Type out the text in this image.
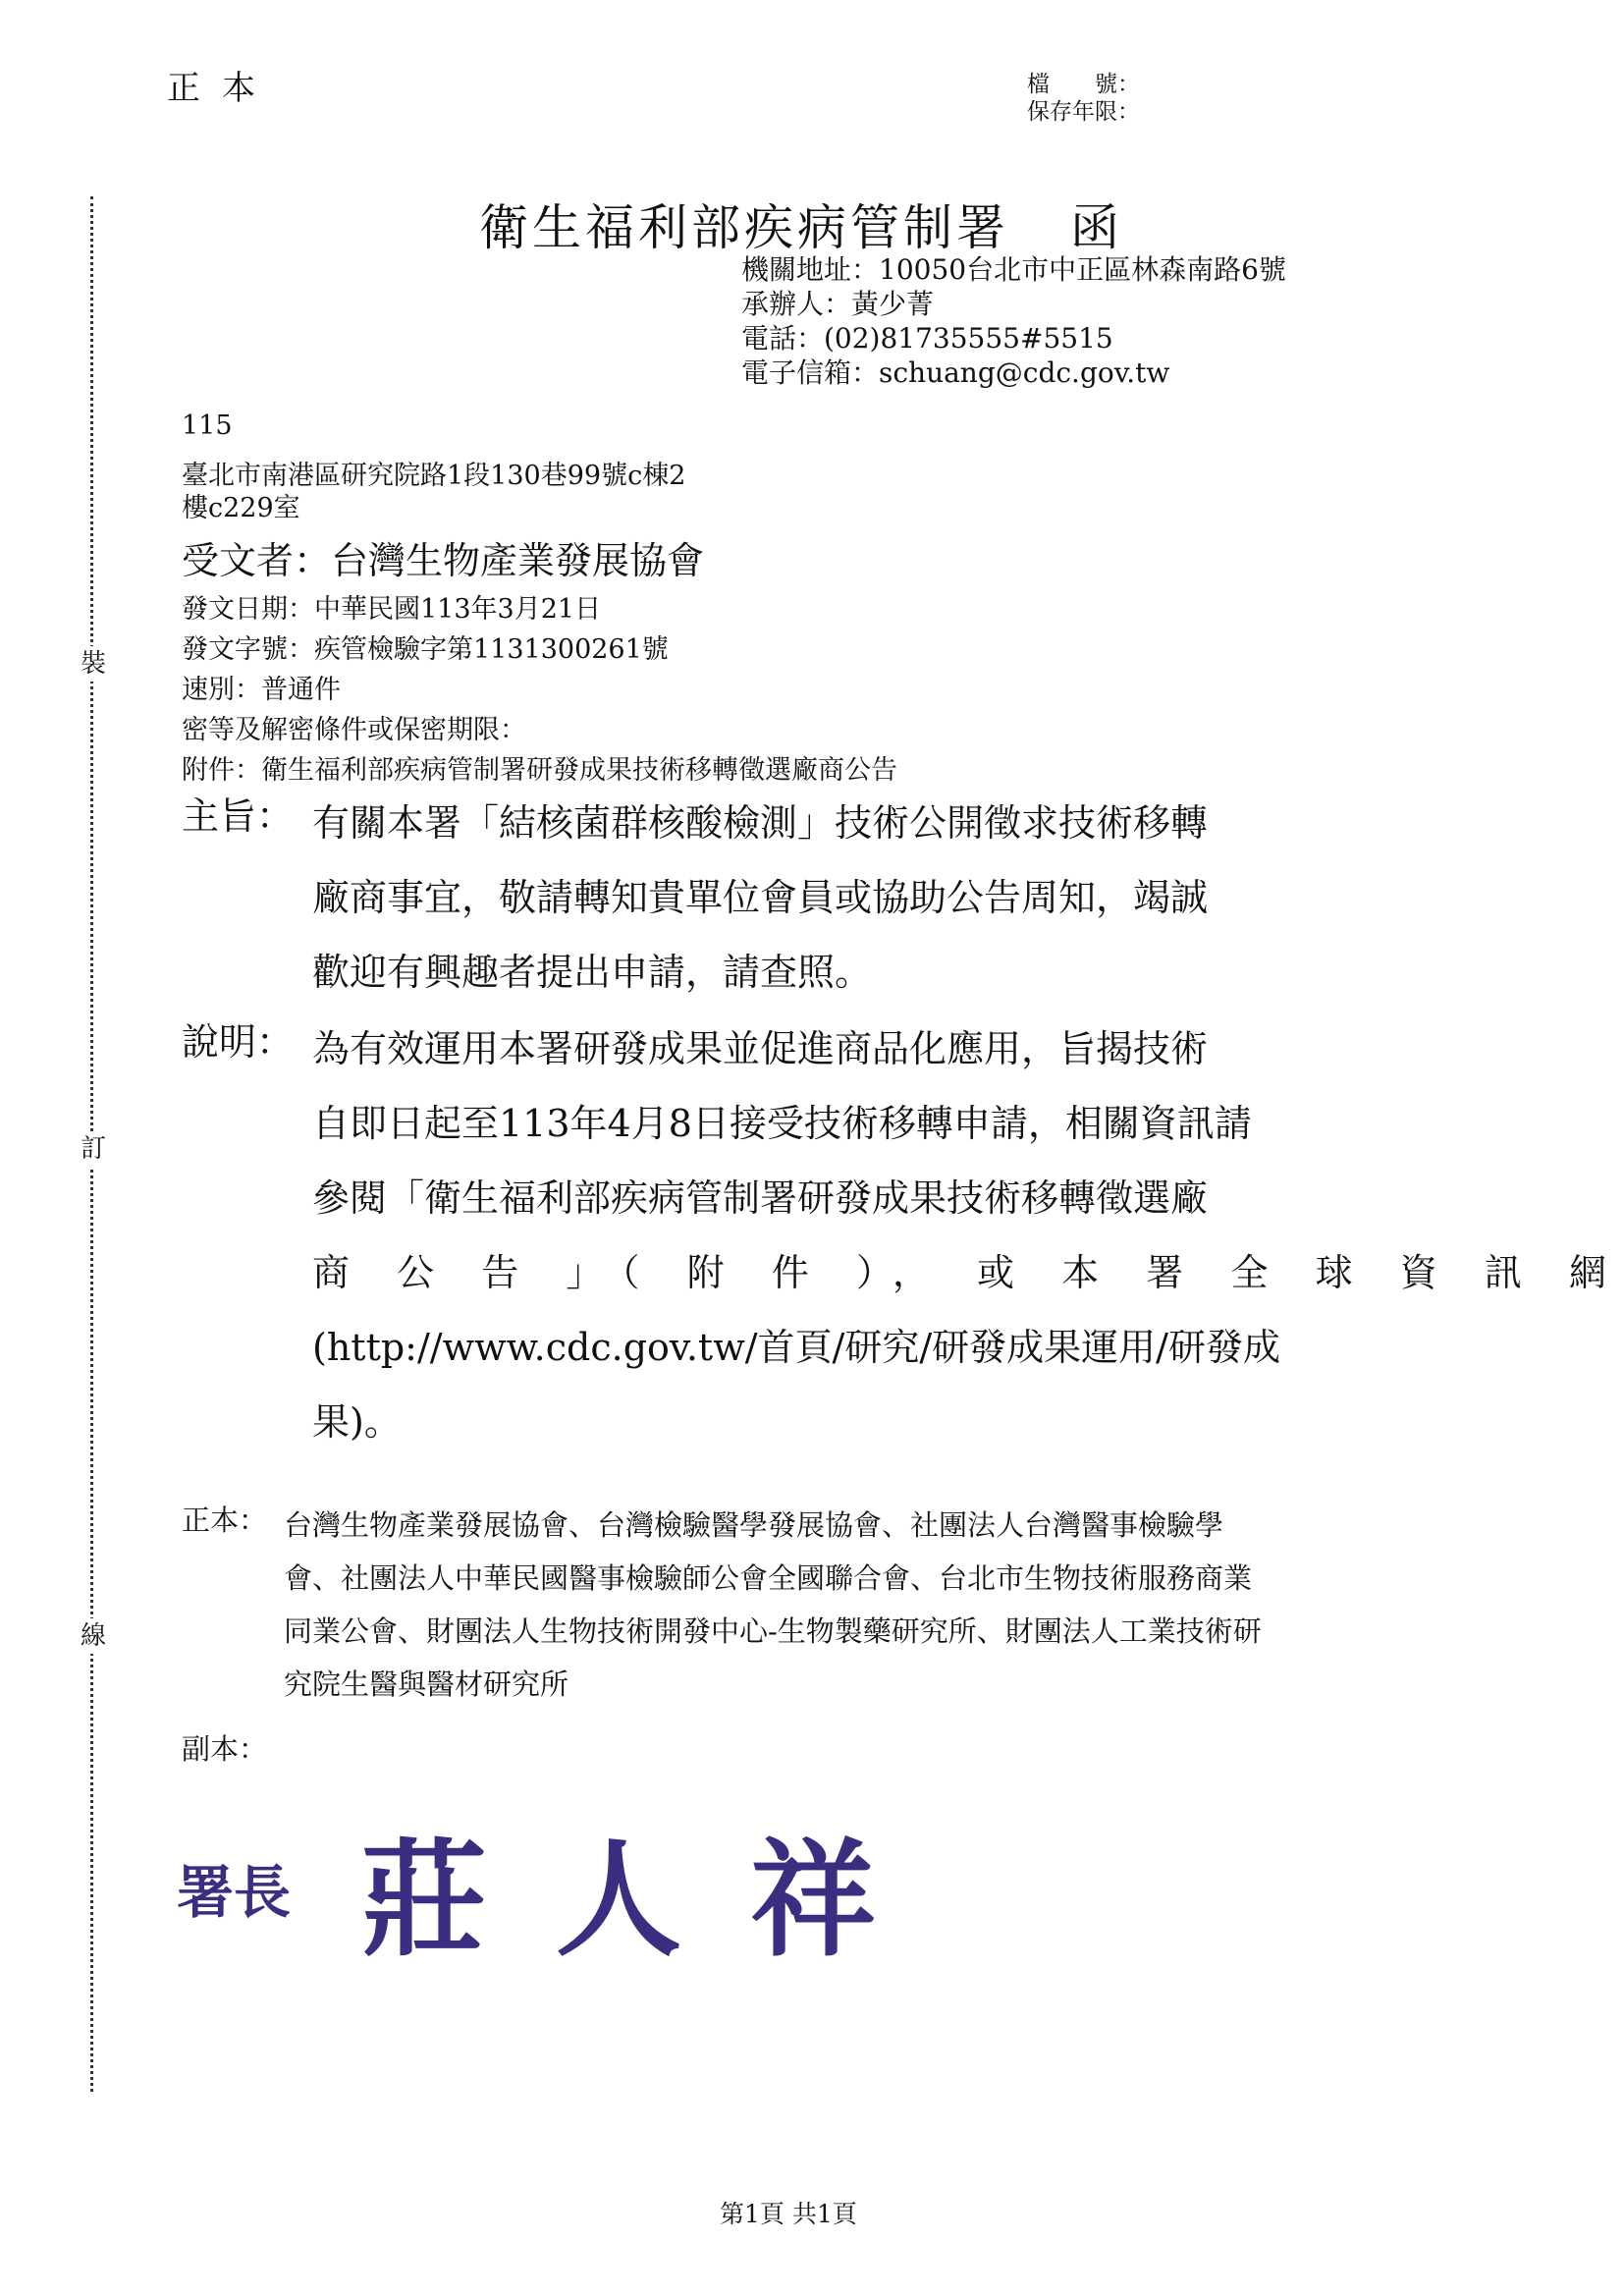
裝
訂
線
正本	檔　　號：
保存年限：
衛生福利部疾病管制署 函
機關地址：10050台北市中正區林森南路6號
承辦人：黃少菁
電話：(02)81735555#5515
電子信箱：schuang@cdc.gov.tw
115
臺北市南港區研究院路1段130巷99號c棟2
樓c229室
受文者：台灣生物產業發展協會
發文日期：中華民國113年3月21日
發文字號：疾管檢驗字第1131300261號
速別：普通件
密等及解密條件或保密期限：
附件：衛生福利部疾病管制署研發成果技術移轉徵選廠商公告
主旨： 有關本署「結核菌群核酸檢測」技術公開徵求技術移轉
廠商事宜，敬請轉知貴單位會員或協助公告周知，竭誠
歡迎有興趣者提出申請，請查照。
說明： 為有效運用本署研發成果並促進商品化應用，旨揭技術
自即日起至113年4月8日接受技術移轉申請，相關資訊請
參閱「衛生福利部疾病管制署研發成果技術移轉徵選廠
商 公 告 」（ 附 件 ）， 或 本 署 全 球 資 訊 網
(http://www.cdc.gov.tw/首頁/研究/研發成果運用/研發成
果)。
正本： 台灣生物產業發展協會、台灣檢驗醫學發展協會、社團法人台灣醫事檢驗學
會、社團法人中華民國醫事檢驗師公會全國聯合會、台北市生物技術服務商業
同業公會、財團法人生物技術開發中心-生物製藥研究所、財團法人工業技術研
究院生醫與醫材研究所
副本：
署長 莊人祥
第1頁 共1頁
